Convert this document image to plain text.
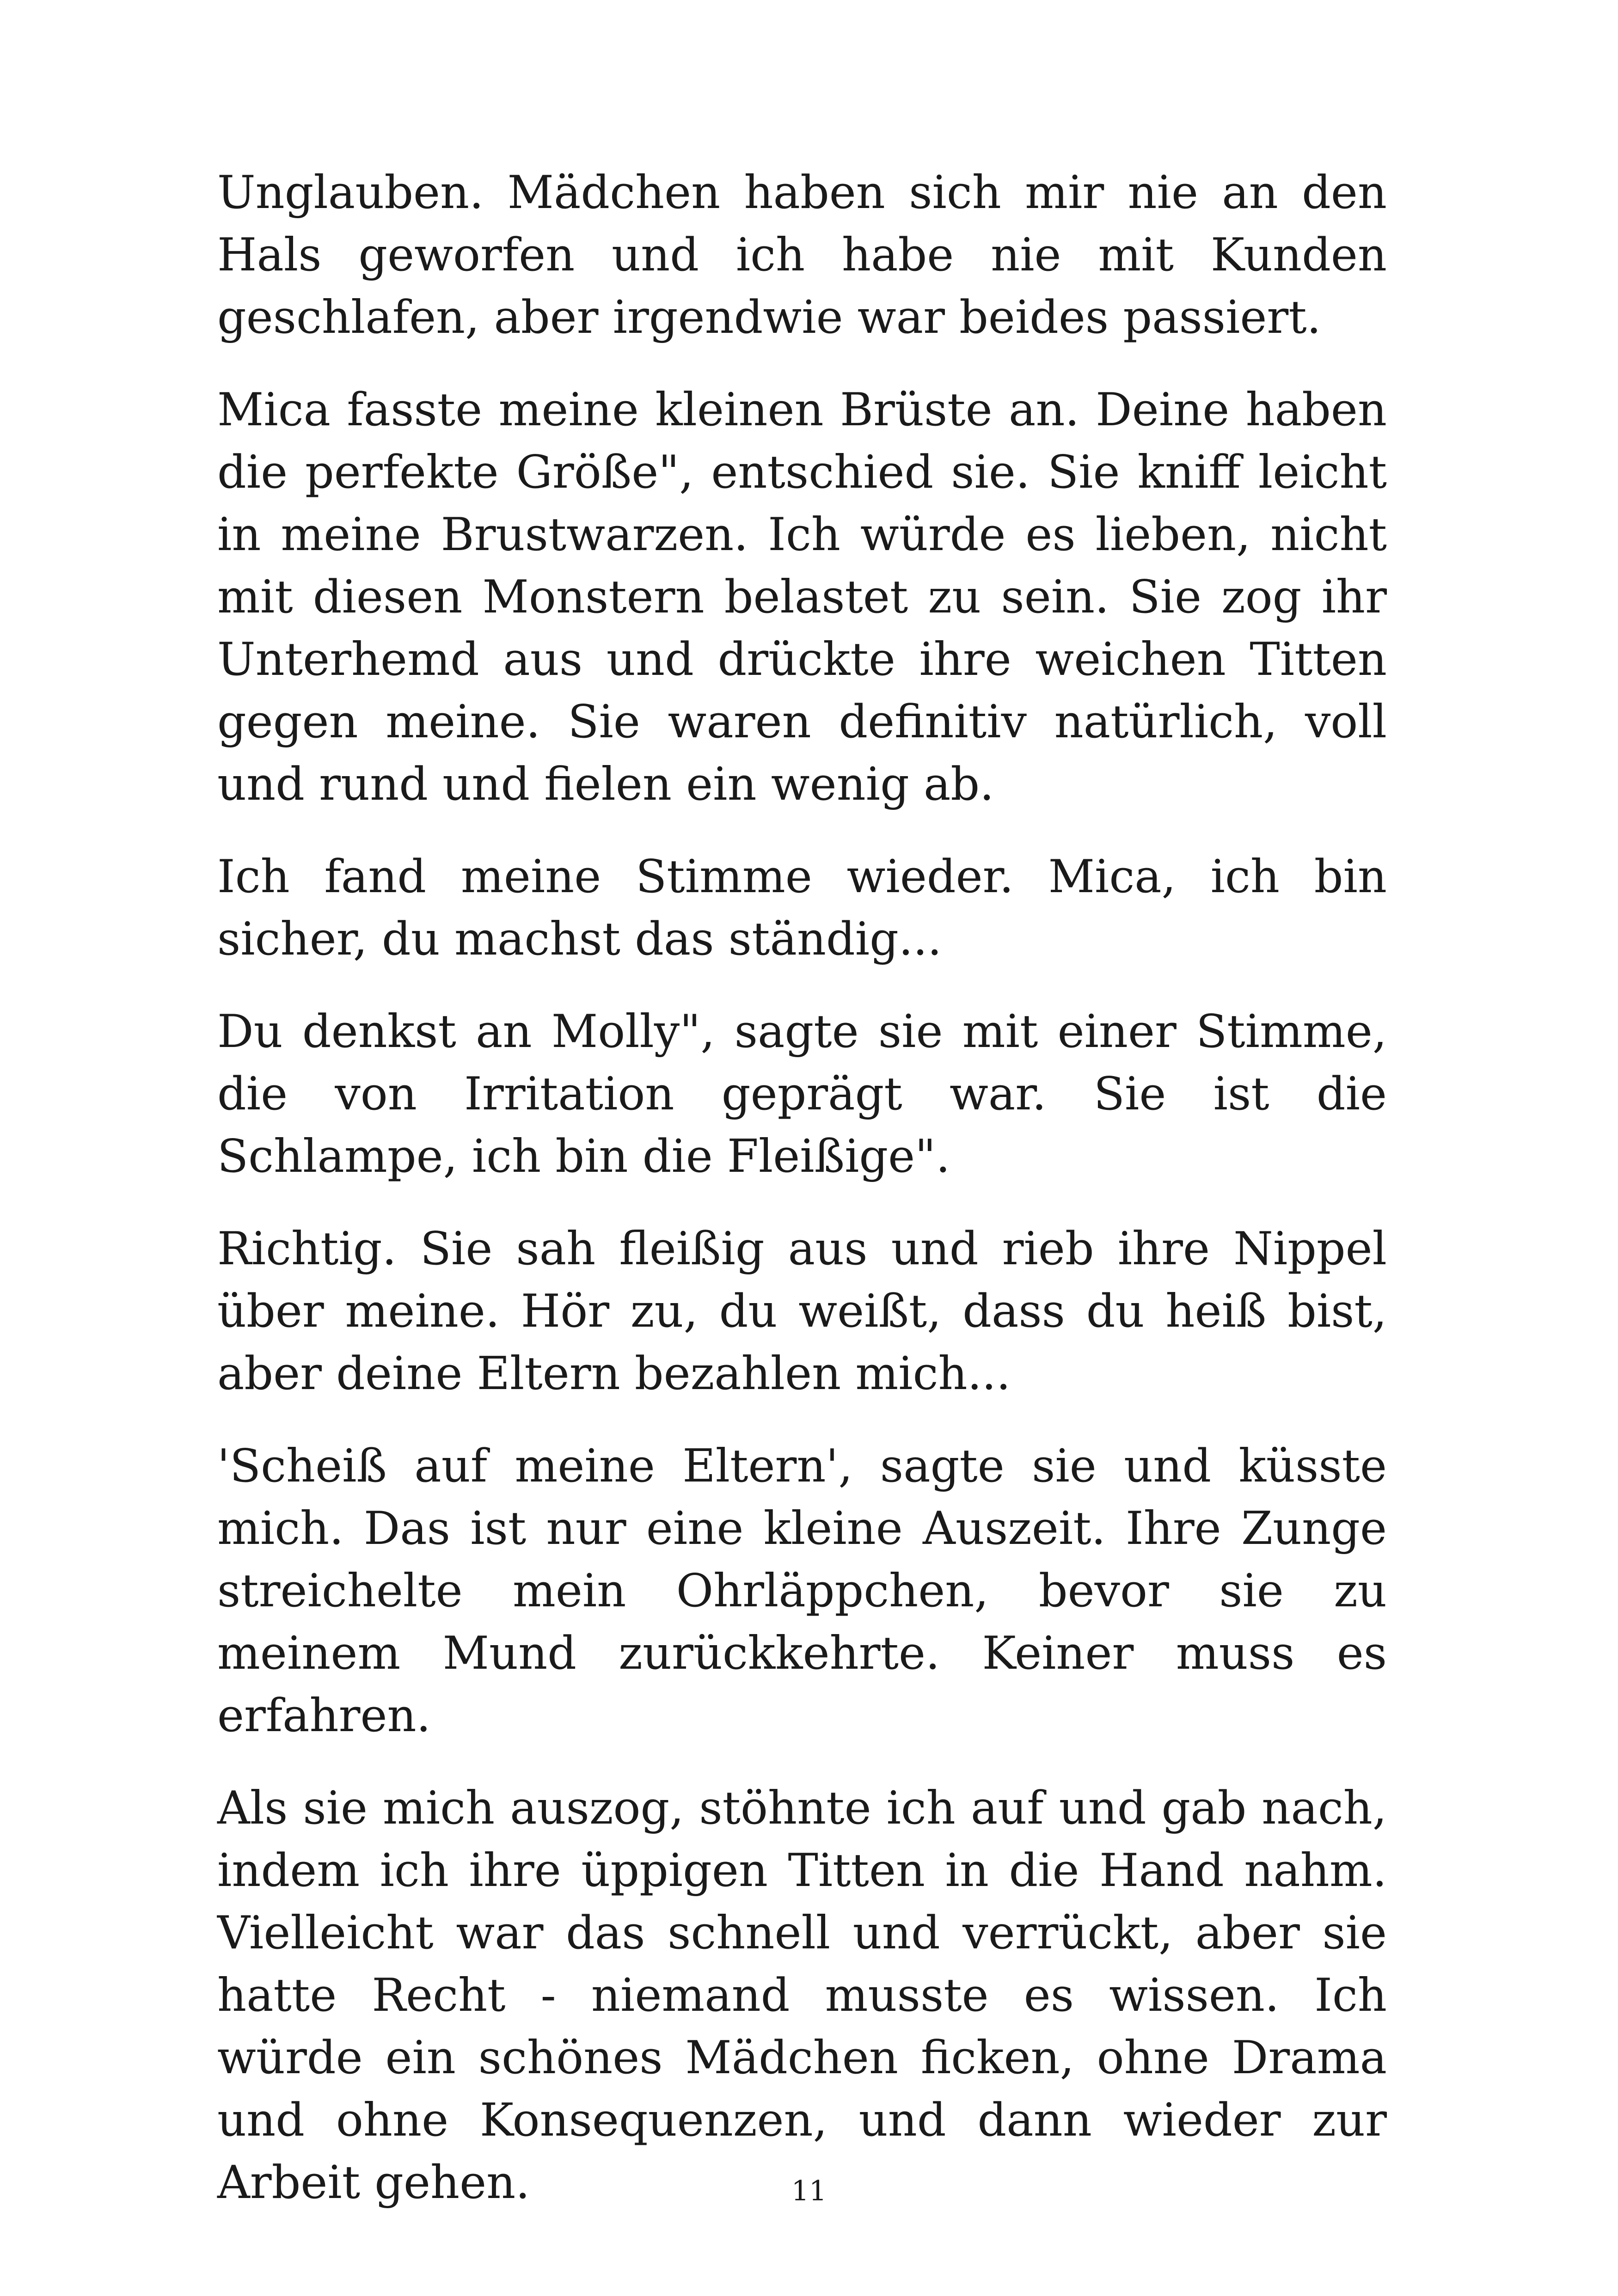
Unglauben. Mädchen haben sich mir nie an den Hals geworfen und ich habe nie mit Kunden geschlafen, aber irgendwie war beides passiert.

Mica fasste meine kleinen Brüste an. Deine haben die perfekte Größe", entschied sie. Sie kniff leicht in meine Brustwarzen. Ich würde es lieben, nicht mit diesen Monstern belastet zu sein. Sie zog ihr Unterhemd aus und drückte ihre weichen Titten gegen meine. Sie waren definitiv natürlich, voll und rund und fielen ein wenig ab.

Ich fand meine Stimme wieder. Mica, ich bin sicher, du machst das ständig...

Du denkst an Molly", sagte sie mit einer Stimme, die von Irritation geprägt war. Sie ist die Schlampe, ich bin die Fleißige".

Richtig. Sie sah fleißig aus und rieb ihre Nippel über meine. Hör zu, du weißt, dass du heiß bist, aber deine Eltern bezahlen mich...

'Scheiß auf meine Eltern', sagte sie und küsste mich. Das ist nur eine kleine Auszeit. Ihre Zunge streichelte mein Ohrläppchen, bevor sie zu meinem Mund zurückkehrte. Keiner muss es erfahren.

Als sie mich auszog, stöhnte ich auf und gab nach, indem ich ihre üppigen Titten in die Hand nahm. Vielleicht war das schnell und verrückt, aber sie hatte Recht - niemand musste es wissen. Ich würde ein schönes Mädchen ficken, ohne Drama und ohne Konsequenzen, und dann wieder zur Arbeit gehen.	11
